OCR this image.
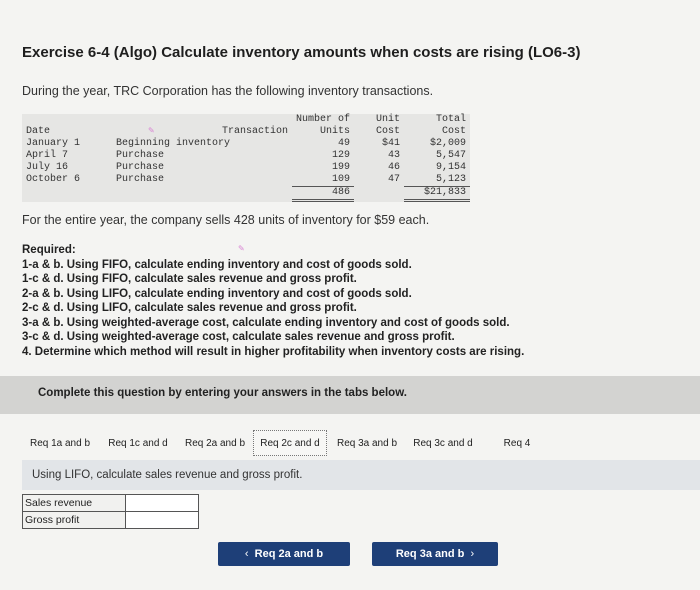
Exercise 6-4 (Algo) Calculate inventory amounts when costs are rising (LO6-3)
During the year, TRC Corporation has the following inventory transactions.
		Number of	Unit	Total
Date	Transaction	Units	Cost	Cost
January 1	Beginning inventory	49	$41	$2,009
April 7	Purchase	129	43	5,547
July 16	Purchase	199	46	9,154
October 6	Purchase	109	47	5,123
		486		$21,833
✎
For the entire year, the company sells 428 units of inventory for $59 each.
✎
Required:
1-a & b. Using FIFO, calculate ending inventory and cost of goods sold.
1-c & d. Using FIFO, calculate sales revenue and gross profit.
2-a & b. Using LIFO, calculate ending inventory and cost of goods sold.
2-c & d. Using LIFO, calculate sales revenue and gross profit.
3-a & b. Using weighted-average cost, calculate ending inventory and cost of goods sold.
3-c & d. Using weighted-average cost, calculate sales revenue and gross profit.
4. Determine which method will result in higher profitability when inventory costs are rising.
Complete this question by entering your answers in the tabs below.
Req 1a and b	Req 1c and d	Req 2a and b	Req 2c and d	Req 3a and b	Req 3c and d	Req 4
Using LIFO, calculate sales revenue and gross profit.
Sales revenue	
Gross profit	
‹ Req 2a and b	Req 3a and b ›
